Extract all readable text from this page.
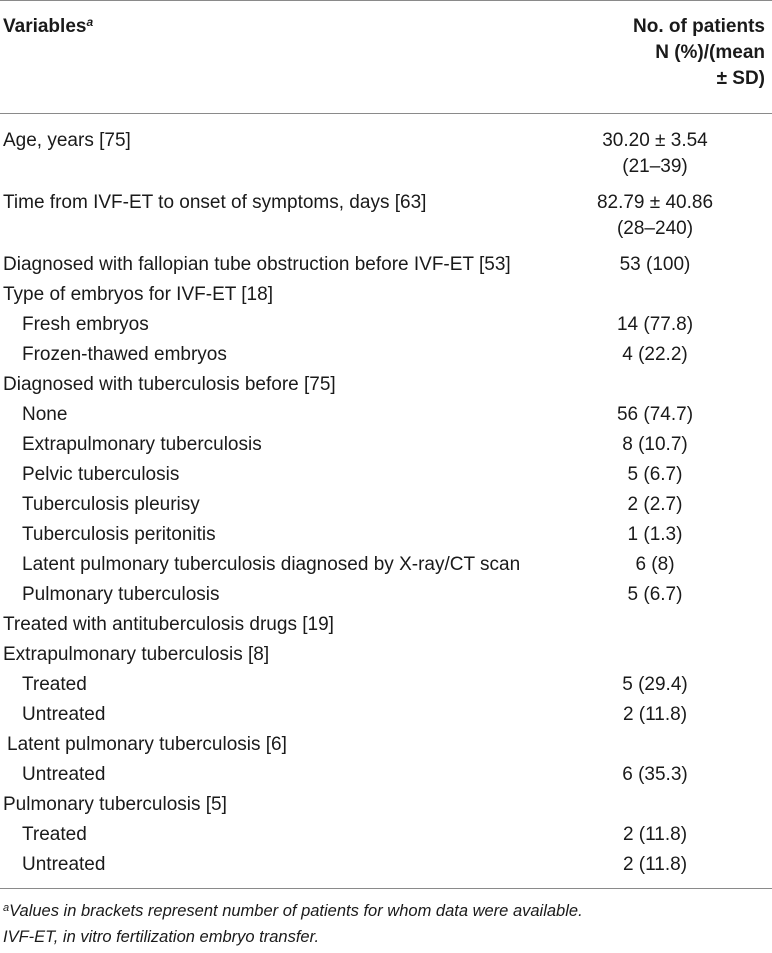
Variables$^a$	No. of patients
N (%)/(mean
± SD)
Age, years [75]	30.20 ± 3.54
(21–39)
Time from IVF-ET to onset of symptoms, days [63]	82.79 ± 40.86
(28–240)
Diagnosed with fallopian tube obstruction before IVF-ET [53]	53 (100)
Type of embryos for IVF-ET [18]
Fresh embryos	14 (77.8)
Frozen-thawed embryos	4 (22.2)
Diagnosed with tuberculosis before [75]
None	56 (74.7)
Extrapulmonary tuberculosis	8 (10.7)
Pelvic tuberculosis	5 (6.7)
Tuberculosis pleurisy	2 (2.7)
Tuberculosis peritonitis	1 (1.3)
Latent pulmonary tuberculosis diagnosed by X-ray/CT scan	6 (8)
Pulmonary tuberculosis	5 (6.7)
Treated with antituberculosis drugs [19]
Extrapulmonary tuberculosis [8]
Treated	5 (29.4)
Untreated	2 (11.8)
Latent pulmonary tuberculosis [6]
Untreated	6 (35.3)
Pulmonary tuberculosis [5]
Treated	2 (11.8)
Untreated	2 (11.8)
$^a$Values in brackets represent number of patients for whom data were available.
IVF-ET, in vitro fertilization embryo transfer.
